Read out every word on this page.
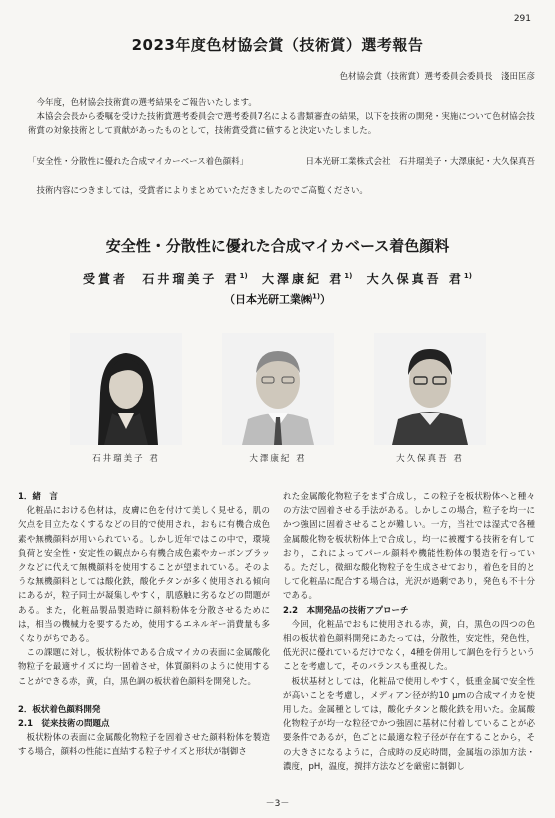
291
2023年度色材協会賞（技術賞）選考報告
色材協会賞（技術賞）選考委員会委員長　淺田匡彦

今年度，色材協会技術賞の選考結果をご報告いたします。

本協会会長から委嘱を受けた技術賞選考委員会で選考委員7名による書類審査の結果，以下を技術の開発・実施について色材協会技術賞の対象技術として貢献があったものとして，技術賞受賞に値すると決定いたしました。

「安全性・分散性に優れた合成マイカーベース着色顔料」	日本光研工業株式会社　石井瑠美子・大澤康紀・大久保真吾
技術内容につきましては，受賞者によりまとめていただきましたのでご高覧ください。
安全性・分散性に優れた合成マイカベース着色顔料
受賞者 石井瑠美子 君$^{1)}$ 大澤康紀 君$^{1)}$ 大久保真吾 君$^{1)}$
（日本光研工業㈱$^{1)}$）
石井瑠美子 君	大澤康紀 君	大久保真吾 君

1．緒　言

化粧品における色材は，皮膚に色を付けて美しく見せる，肌の欠点を目立たなくするなどの目的で使用され，おもに有機合成色素や無機顔料が用いられている。しかし近年ではこの中で，環境負荷と安全性・安定性の観点から有機合成色素やカーボンブラックなどに代えて無機顔料を使用することが望まれている。そのような無機顔料としては酸化鉄，酸化チタンが多く使用される傾向にあるが，粒子同士が凝集しやすく，肌感触に劣るなどの問題がある。また，化粧品製品製造時に顔料粉体を分散させるためには，相当の機械力を要するため，使用するエネルギー消費量も多くなりがちである。

この課題に対し，板状粉体である合成マイカの表面に金属酸化物粒子を最適サイズに均一固着させ，体質顔料のように使用することができる赤，黄，白，黒色調の板状着色顔料を開発した。

2．板状着色顔料開発

2.1　従来技術の問題点

板状粉体の表面に金属酸化物粒子を固着させた顔料粉体を製造する場合，顔料の性能に直結する粒子サイズと形状が制御さ

れた金属酸化物粒子をまず合成し，この粒子を板状粉体へと種々の方法で固着させる手法がある。しかしこの場合，粒子を均一にかつ強固に固着させることが難しい。一方，当社では湿式で各種金属酸化物を板状粉体上で合成し，均一に被覆する技術を有しており，これによってパール顔料や機能性粉体の製造を行っている。ただし，微細な酸化物粒子を生成させており，着色を目的として化粧品に配合する場合は，光沢が過剰であり，発色も不十分である。

2.2　本開発品の技術アプローチ

今回，化粧品でおもに使用される赤，黄，白，黒色の四つの色相の板状着色顔料開発にあたっては，分散性，安定性，発色性，低光沢に優れているだけでなく，4種を併用して調色を行うということを考慮して，そのバランスも重視した。

板状基材としては，化粧品で使用しやすく，低重金属で安全性が高いことを考慮し，メディアン径が約10 μmの合成マイカを使用した。金属種としては，酸化チタンと酸化鉄を用いた。金属酸化物粒子が均一な粒径でかつ強固に基材に付着していることが必要条件であるが，色ごとに最適な粒子径が存在することから，その大きさになるように，合成時の反応時間，金属塩の添加方法・濃度，pH，温度，撹拌方法などを厳密に制御し

－3－
